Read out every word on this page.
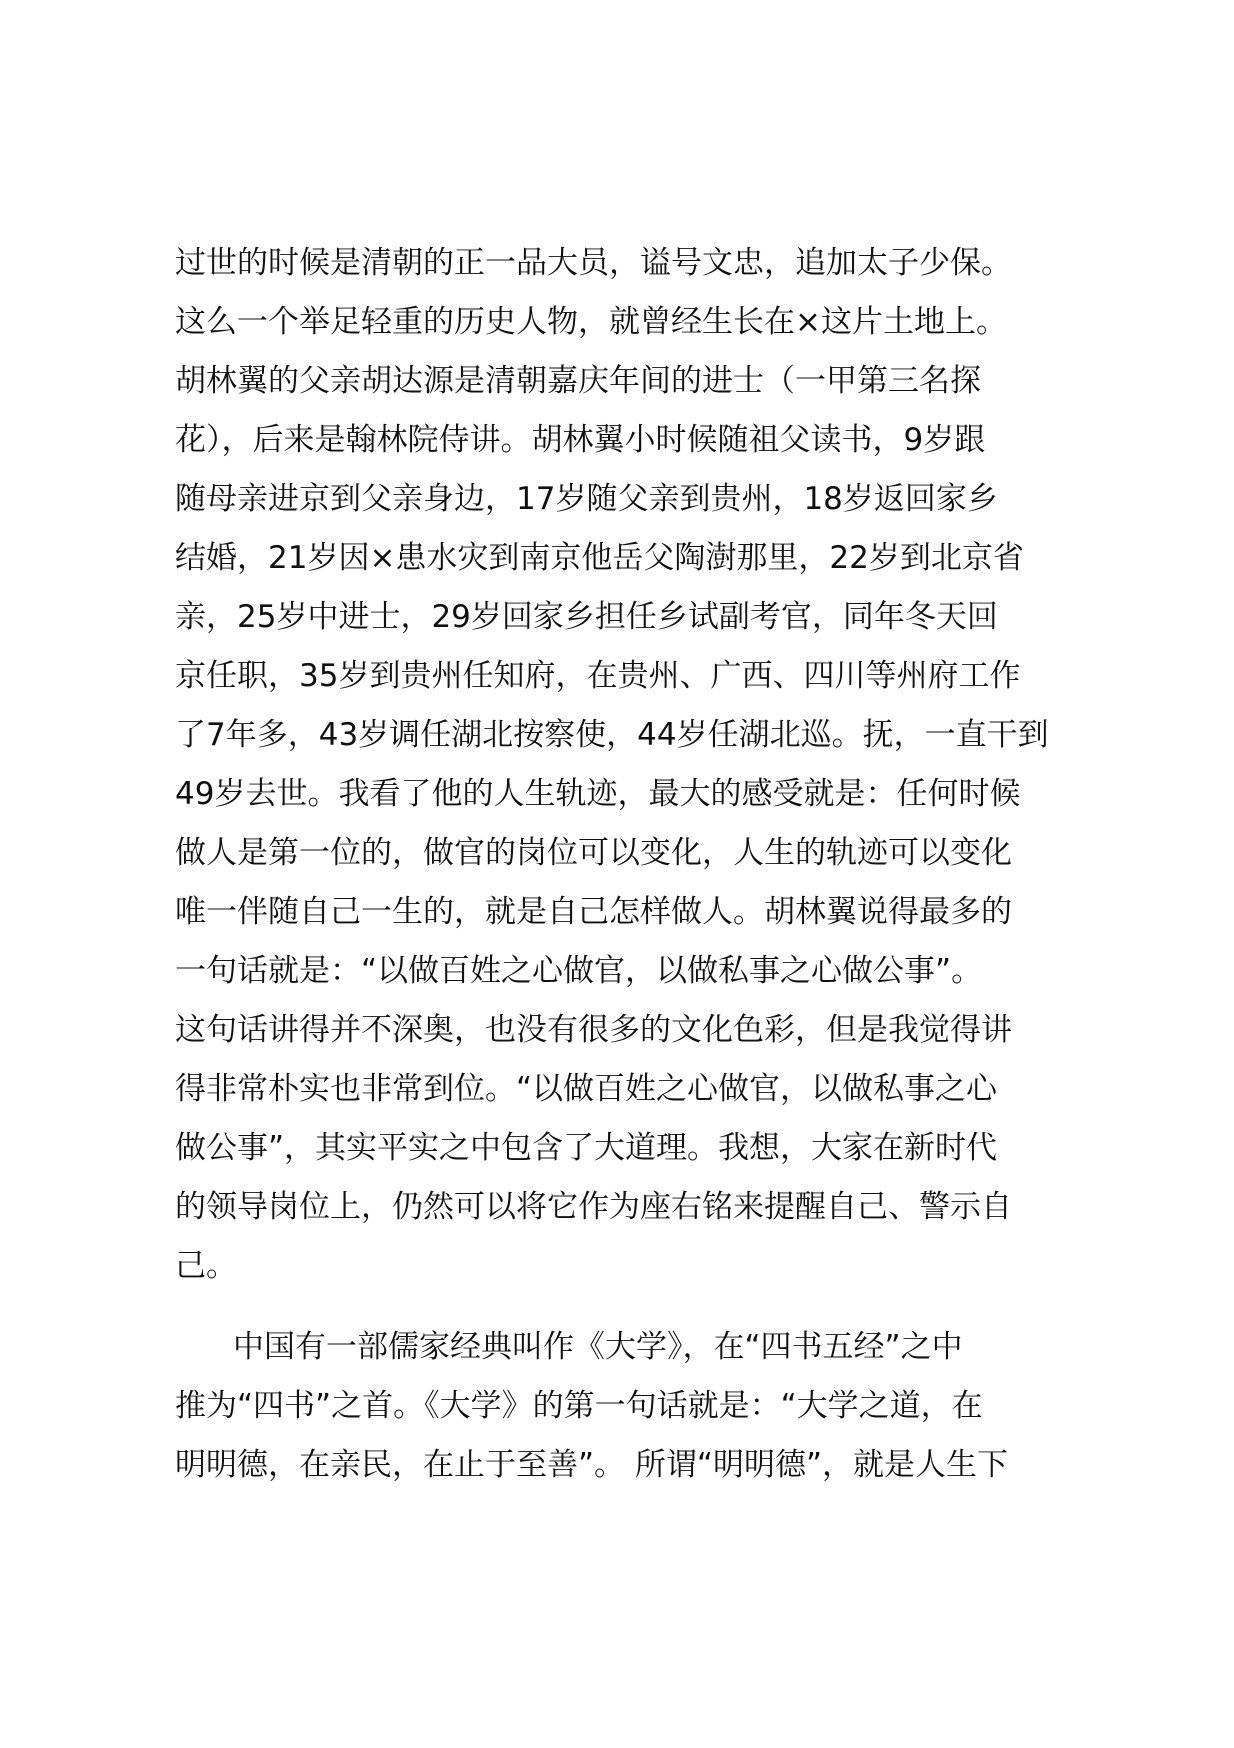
过世的时候是清朝的正一品大员，谥号文忠，追加太子少保。
这么一个举足轻重的历史人物，就曾经生长在×这片土地上。
胡林翼的父亲胡达源是清朝嘉庆年间的进士（一甲第三名探
花），后来是翰林院侍讲。胡林翼小时候随祖父读书，9岁跟
随母亲进京到父亲身边，17岁随父亲到贵州，18岁返回家乡
结婚，21岁因×患水灾到南京他岳父陶澍那里，22岁到北京省
亲，25岁中进士，29岁回家乡担任乡试副考官，同年冬天回
京任职，35岁到贵州任知府，在贵州、广西、四川等州府工作
了7年多，43岁调任湖北按察使，44岁任湖北巡。抚，一直干到
49岁去世。我看了他的人生轨迹，最大的感受就是：任何时候
做人是第一位的，做官的岗位可以变化，人生的轨迹可以变化
唯一伴随自己一生的，就是自己怎样做人。胡林翼说得最多的
一句话就是：“以做百姓之心做官，以做私事之心做公事”。
这句话讲得并不深奥，也没有很多的文化色彩，但是我觉得讲
得非常朴实也非常到位。“以做百姓之心做官，以做私事之心
做公事”，其实平实之中包含了大道理。我想，大家在新时代
的领导岗位上，仍然可以将它作为座右铭来提醒自己、警示自
己。
中国有一部儒家经典叫作《大学》，在“四书五经”之中
推为“四书”之首。《大学》的第一句话就是：“大学之道，在
明明德，在亲民，在止于至善”。 所谓“明明德”，就是人生下
